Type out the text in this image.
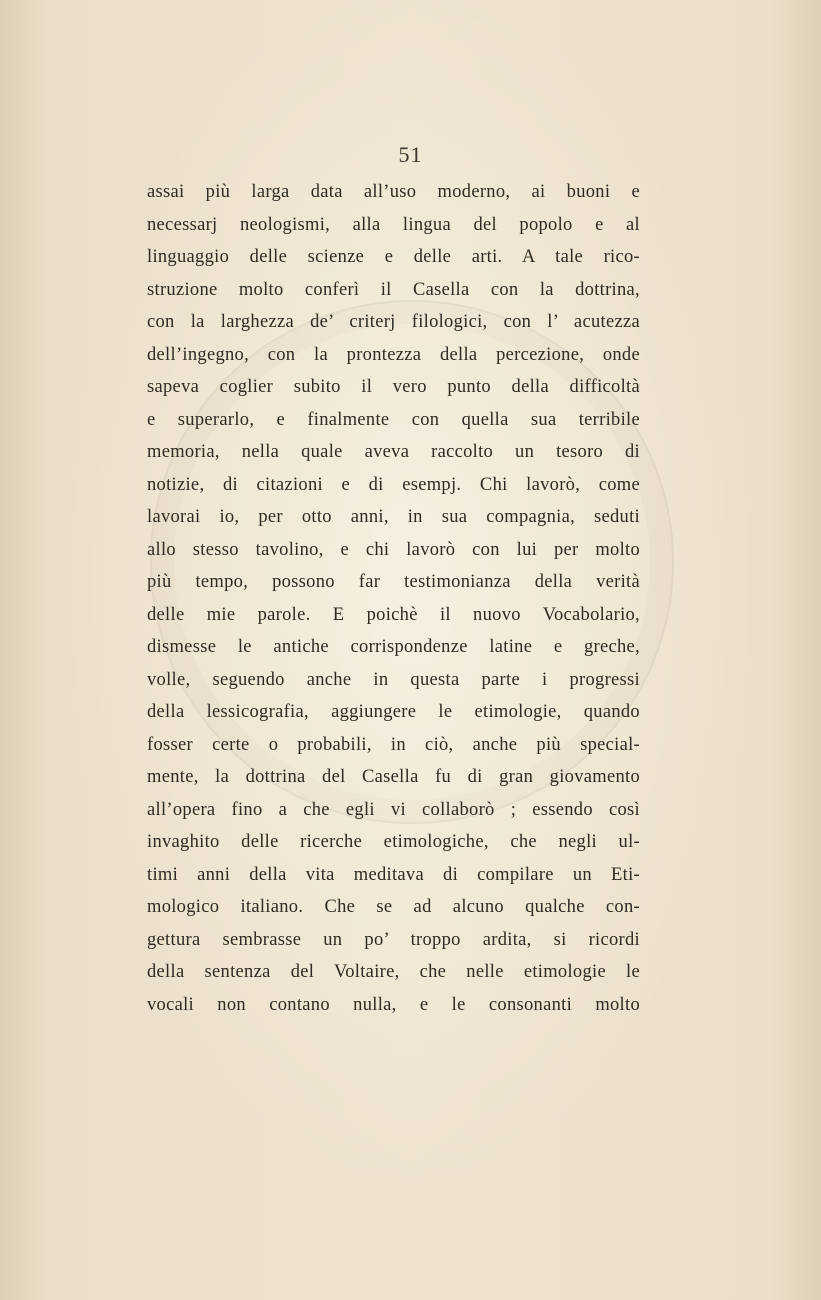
51
assai più larga data all’uso moderno, ai buoni e
necessarj neologismi, alla lingua del popolo e al
linguaggio delle scienze e delle arti. A tale rico-
struzione molto conferì il Casella con la dottrina,
con la larghezza de’ criterj filologici, con l’ acutezza
dell’ingegno, con la prontezza della percezione, onde
sapeva coglier subito il vero punto della difficoltà
e superarlo, e finalmente con quella sua terribile
memoria, nella quale aveva raccolto un tesoro di
notizie, di citazioni e di esempj. Chi lavorò, come
lavorai io, per otto anni, in sua compagnia, seduti
allo stesso tavolino, e chi lavorò con lui per molto
più tempo, possono far testimonianza della verità
delle mie parole. E poichè il nuovo Vocabolario,
dismesse le antiche corrispondenze latine e greche,
volle, seguendo anche in questa parte i progressi
della lessicografia, aggiungere le etimologie, quando
fosser certe o probabili, in ciò, anche più special-
mente, la dottrina del Casella fu di gran giovamento
all’opera fino a che egli vi collaborò ; essendo così
invaghito delle ricerche etimologiche, che negli ul-
timi anni della vita meditava di compilare un Eti-
mologico italiano. Che se ad alcuno qualche con-
gettura sembrasse un po’ troppo ardita, si ricordi
della sentenza del Voltaire, che nelle etimologie le
vocali non contano nulla, e le consonanti molto
